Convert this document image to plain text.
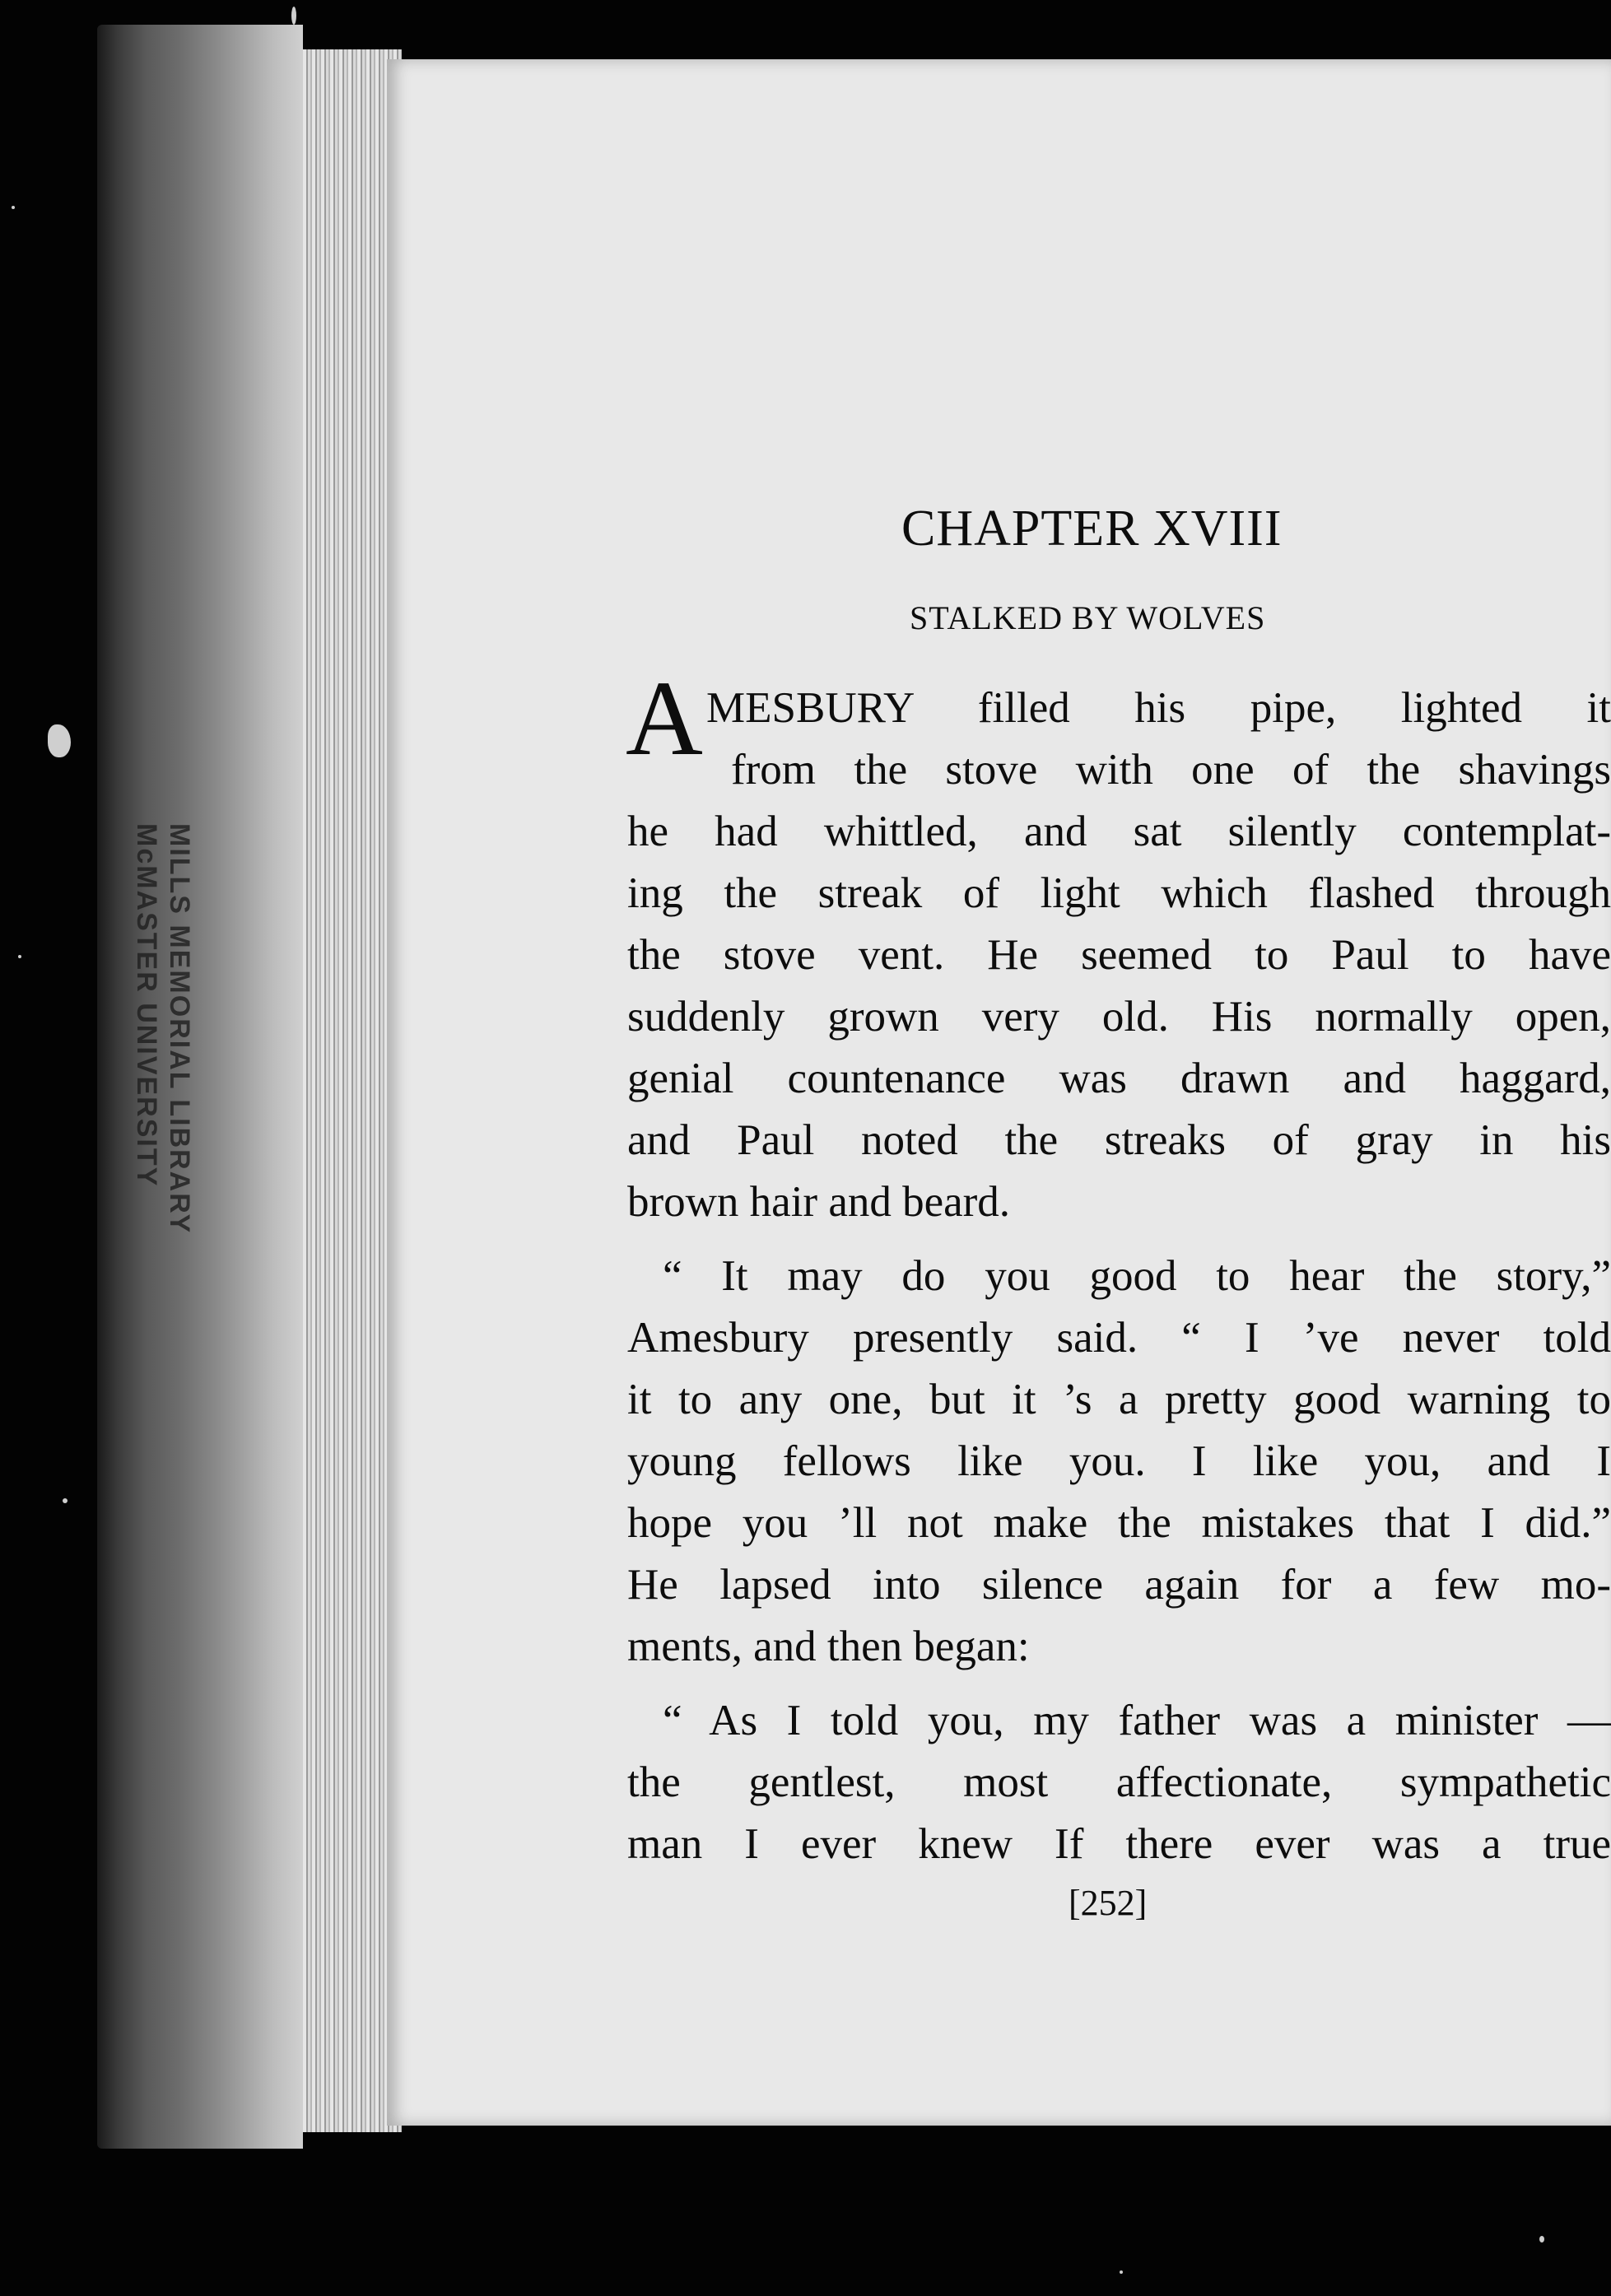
MILLS MEMORIAL LIBRARY
McMASTER UNIVERSITY
CHAPTER XVIII
STALKED BY WOLVES
A MESBURY filled his pipe, lighted it
from the stove with one of the shavings
he had whittled, and sat silently contemplat-
ing the streak of light which flashed through
the stove vent. He seemed to Paul to have
suddenly grown very old. His normally open,
genial countenance was drawn and haggard,
and Paul noted the streaks of gray in his
brown hair and beard.
“ It may do you good to hear the story,”
Amesbury presently said. “ I ’ve never told
it to any one, but it ’s a pretty good warning to
young fellows like you. I like you, and I
hope you ’ll not make the mistakes that I did.”
He lapsed into silence again for a few mo-
ments, and then began:
“ As I told you, my father was a minister —
the gentlest, most affectionate, sympathetic
man I ever knew If there ever was a true
[252]
